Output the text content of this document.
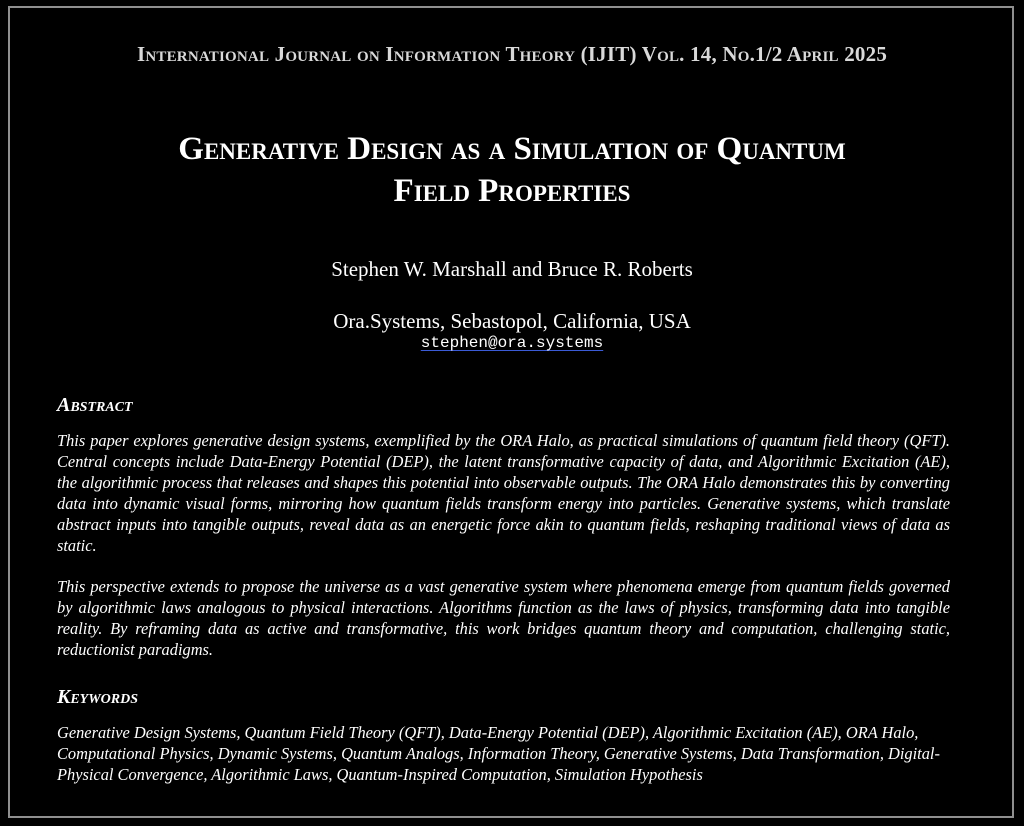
International Journal on Information Theory (IJIT) Vol. 14, No.1/2 April 2025
Generative Design as a Simulation of Quantum
Field Properties
Stephen W. Marshall and Bruce R. Roberts
Ora.Systems, Sebastopol, California, USA
stephen@ora.systems
Abstract
This paper explores generative design systems, exemplified by the ORA Halo, as practical simulations of quantum field theory (QFT). Central concepts include Data-Energy Potential (DEP), the latent transformative capacity of data, and Algorithmic Excitation (AE), the algorithmic process that releases and shapes this potential into observable outputs. The ORA Halo demonstrates this by converting data into dynamic visual forms, mirroring how quantum fields transform energy into particles. Generative systems, which translate abstract inputs into tangible outputs, reveal data as an energetic force akin to quantum fields, reshaping traditional views of data as static.
This perspective extends to propose the universe as a vast generative system where phenomena emerge from quantum fields governed by algorithmic laws analogous to physical interactions. Algorithms function as the laws of physics, transforming data into tangible reality. By reframing data as active and transformative, this work bridges quantum theory and computation, challenging static, reductionist paradigms.
Keywords
Generative Design Systems, Quantum Field Theory (QFT), Data-Energy Potential (DEP), Algorithmic Excitation (AE), ORA Halo, Computational Physics, Dynamic Systems, Quantum Analogs, Information Theory, Generative Systems, Data Transformation, Digital-Physical Convergence, Algorithmic Laws, Quantum-Inspired Computation, Simulation Hypothesis
